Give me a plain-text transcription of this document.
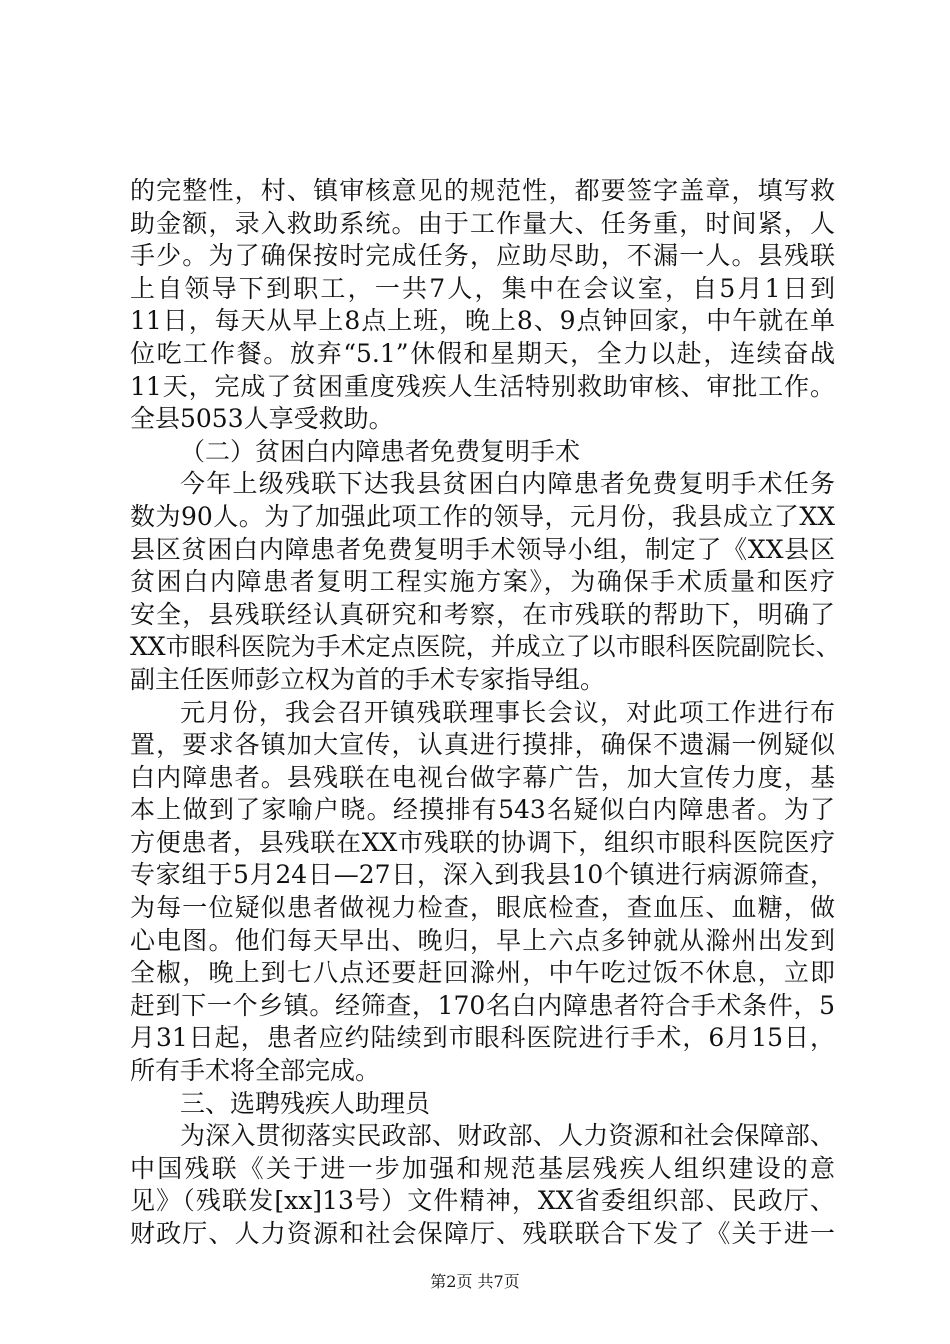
的完整性，村、镇审核意见的规范性，都要签字盖章，填写救
助金额，录入救助系统。由于工作量大、任务重，时间紧，人
手少。为了确保按时完成任务，应助尽助，不漏一人。县残联
上自领导下到职工，一共7人，集中在会议室，自5月1日到
11日，每天从早上8点上班，晚上8、9点钟回家，中午就在单
位吃工作餐。放弃“5.1”休假和星期天，全力以赴，连续奋战
11天，完成了贫困重度残疾人生活特别救助审核、审批工作。
全县5053人享受救助。
（二）贫困白内障患者免费复明手术
今年上级残联下达我县贫困白内障患者免费复明手术任务
数为90人。为了加强此项工作的领导，元月份，我县成立了XX
县区贫困白内障患者免费复明手术领导小组，制定了《XX县区
贫困白内障患者复明工程实施方案》，为确保手术质量和医疗
安全，县残联经认真研究和考察，在市残联的帮助下，明确了
XX市眼科医院为手术定点医院，并成立了以市眼科医院副院长、
副主任医师彭立权为首的手术专家指导组。
元月份，我会召开镇残联理事长会议，对此项工作进行布
置，要求各镇加大宣传，认真进行摸排，确保不遗漏一例疑似
白内障患者。县残联在电视台做字幕广告，加大宣传力度，基
本上做到了家喻户晓。经摸排有543名疑似白内障患者。为了
方便患者，县残联在XX市残联的协调下，组织市眼科医院医疗
专家组于5月24日—27日，深入到我县10个镇进行病源筛查，
为每一位疑似患者做视力检查，眼底检查，查血压、血糖，做
心电图。他们每天早出、晚归，早上六点多钟就从滁州出发到
全椒，晚上到七八点还要赶回滁州，中午吃过饭不休息，立即
赶到下一个乡镇。经筛查，170名白内障患者符合手术条件，5
月31日起，患者应约陆续到市眼科医院进行手术，6月15日，
所有手术将全部完成。
三、选聘残疾人助理员
为深入贯彻落实民政部、财政部、人力资源和社会保障部、
中国残联《关于进一步加强和规范基层残疾人组织建设的意
见》（残联发[xx]13号）文件精神，XX省委组织部、民政厅、
财政厅、人力资源和社会保障厅、残联联合下发了《关于进一
第2页 共7页
